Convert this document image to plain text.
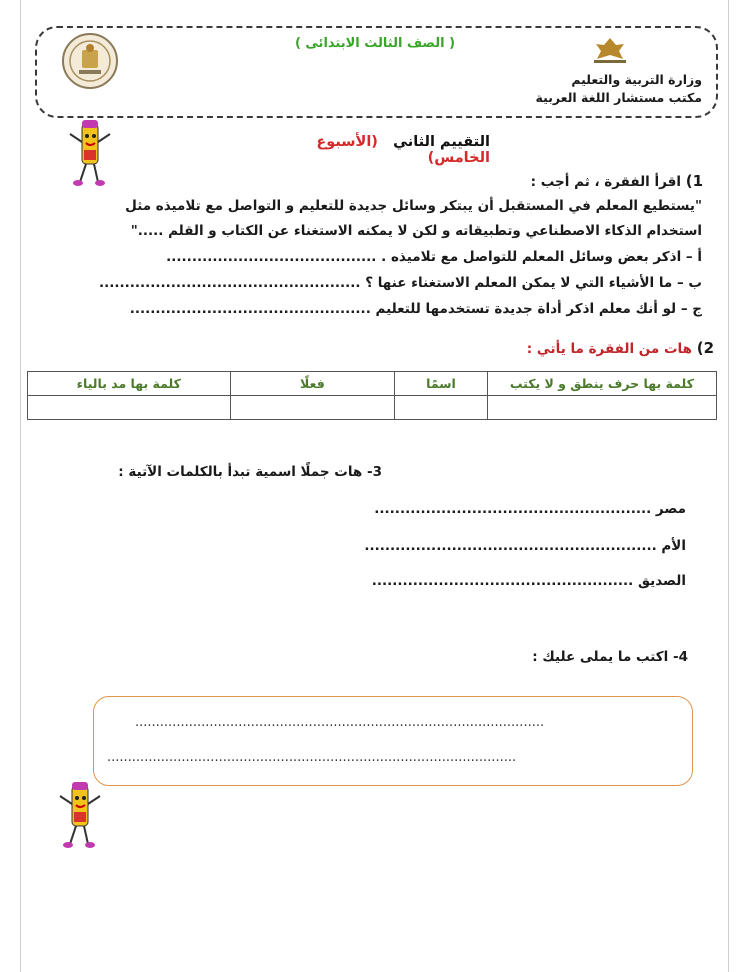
( الصف الثالث الابتدائى )
وزارة التربية والتعليم
مكتب مستشار اللغة العربية
التقييم الثاني   (الأسبوع الخامس)
1) اقرأ الفقرة ، ثم أجب :
"يستطيع المعلم في المستقبل أن يبتكر وسائل جديدة للتعليم و التواصل مع تلاميذه مثل
استخدام الذكاء الاصطناعي وتطبيقاته و لكن لا يمكنه الاستغناء عن الكتاب و القلم ....."
أ – اذكر بعض وسائل المعلم للتواصل مع تلاميذه . .........................................
ب – ما الأشياء التي لا يمكن المعلم الاستغناء عنها ؟ ...................................................
ج – لو أنك معلم اذكر أداة جديدة تستخدمها للتعليم ...............................................
2) هات من الفقرة ما يأتي :
كلمة بها حرف ينطق و لا يكتب	اسمًا	فعلًا	كلمة بها مد بالياء

3- هات جملًا اسمية تبدأ بالكلمات الآتية :
مصر ......................................................
الأم .........................................................
الصديق ...................................................
4- اكتب ما يملى عليك :
...................................................................................................
...................................................................................................
